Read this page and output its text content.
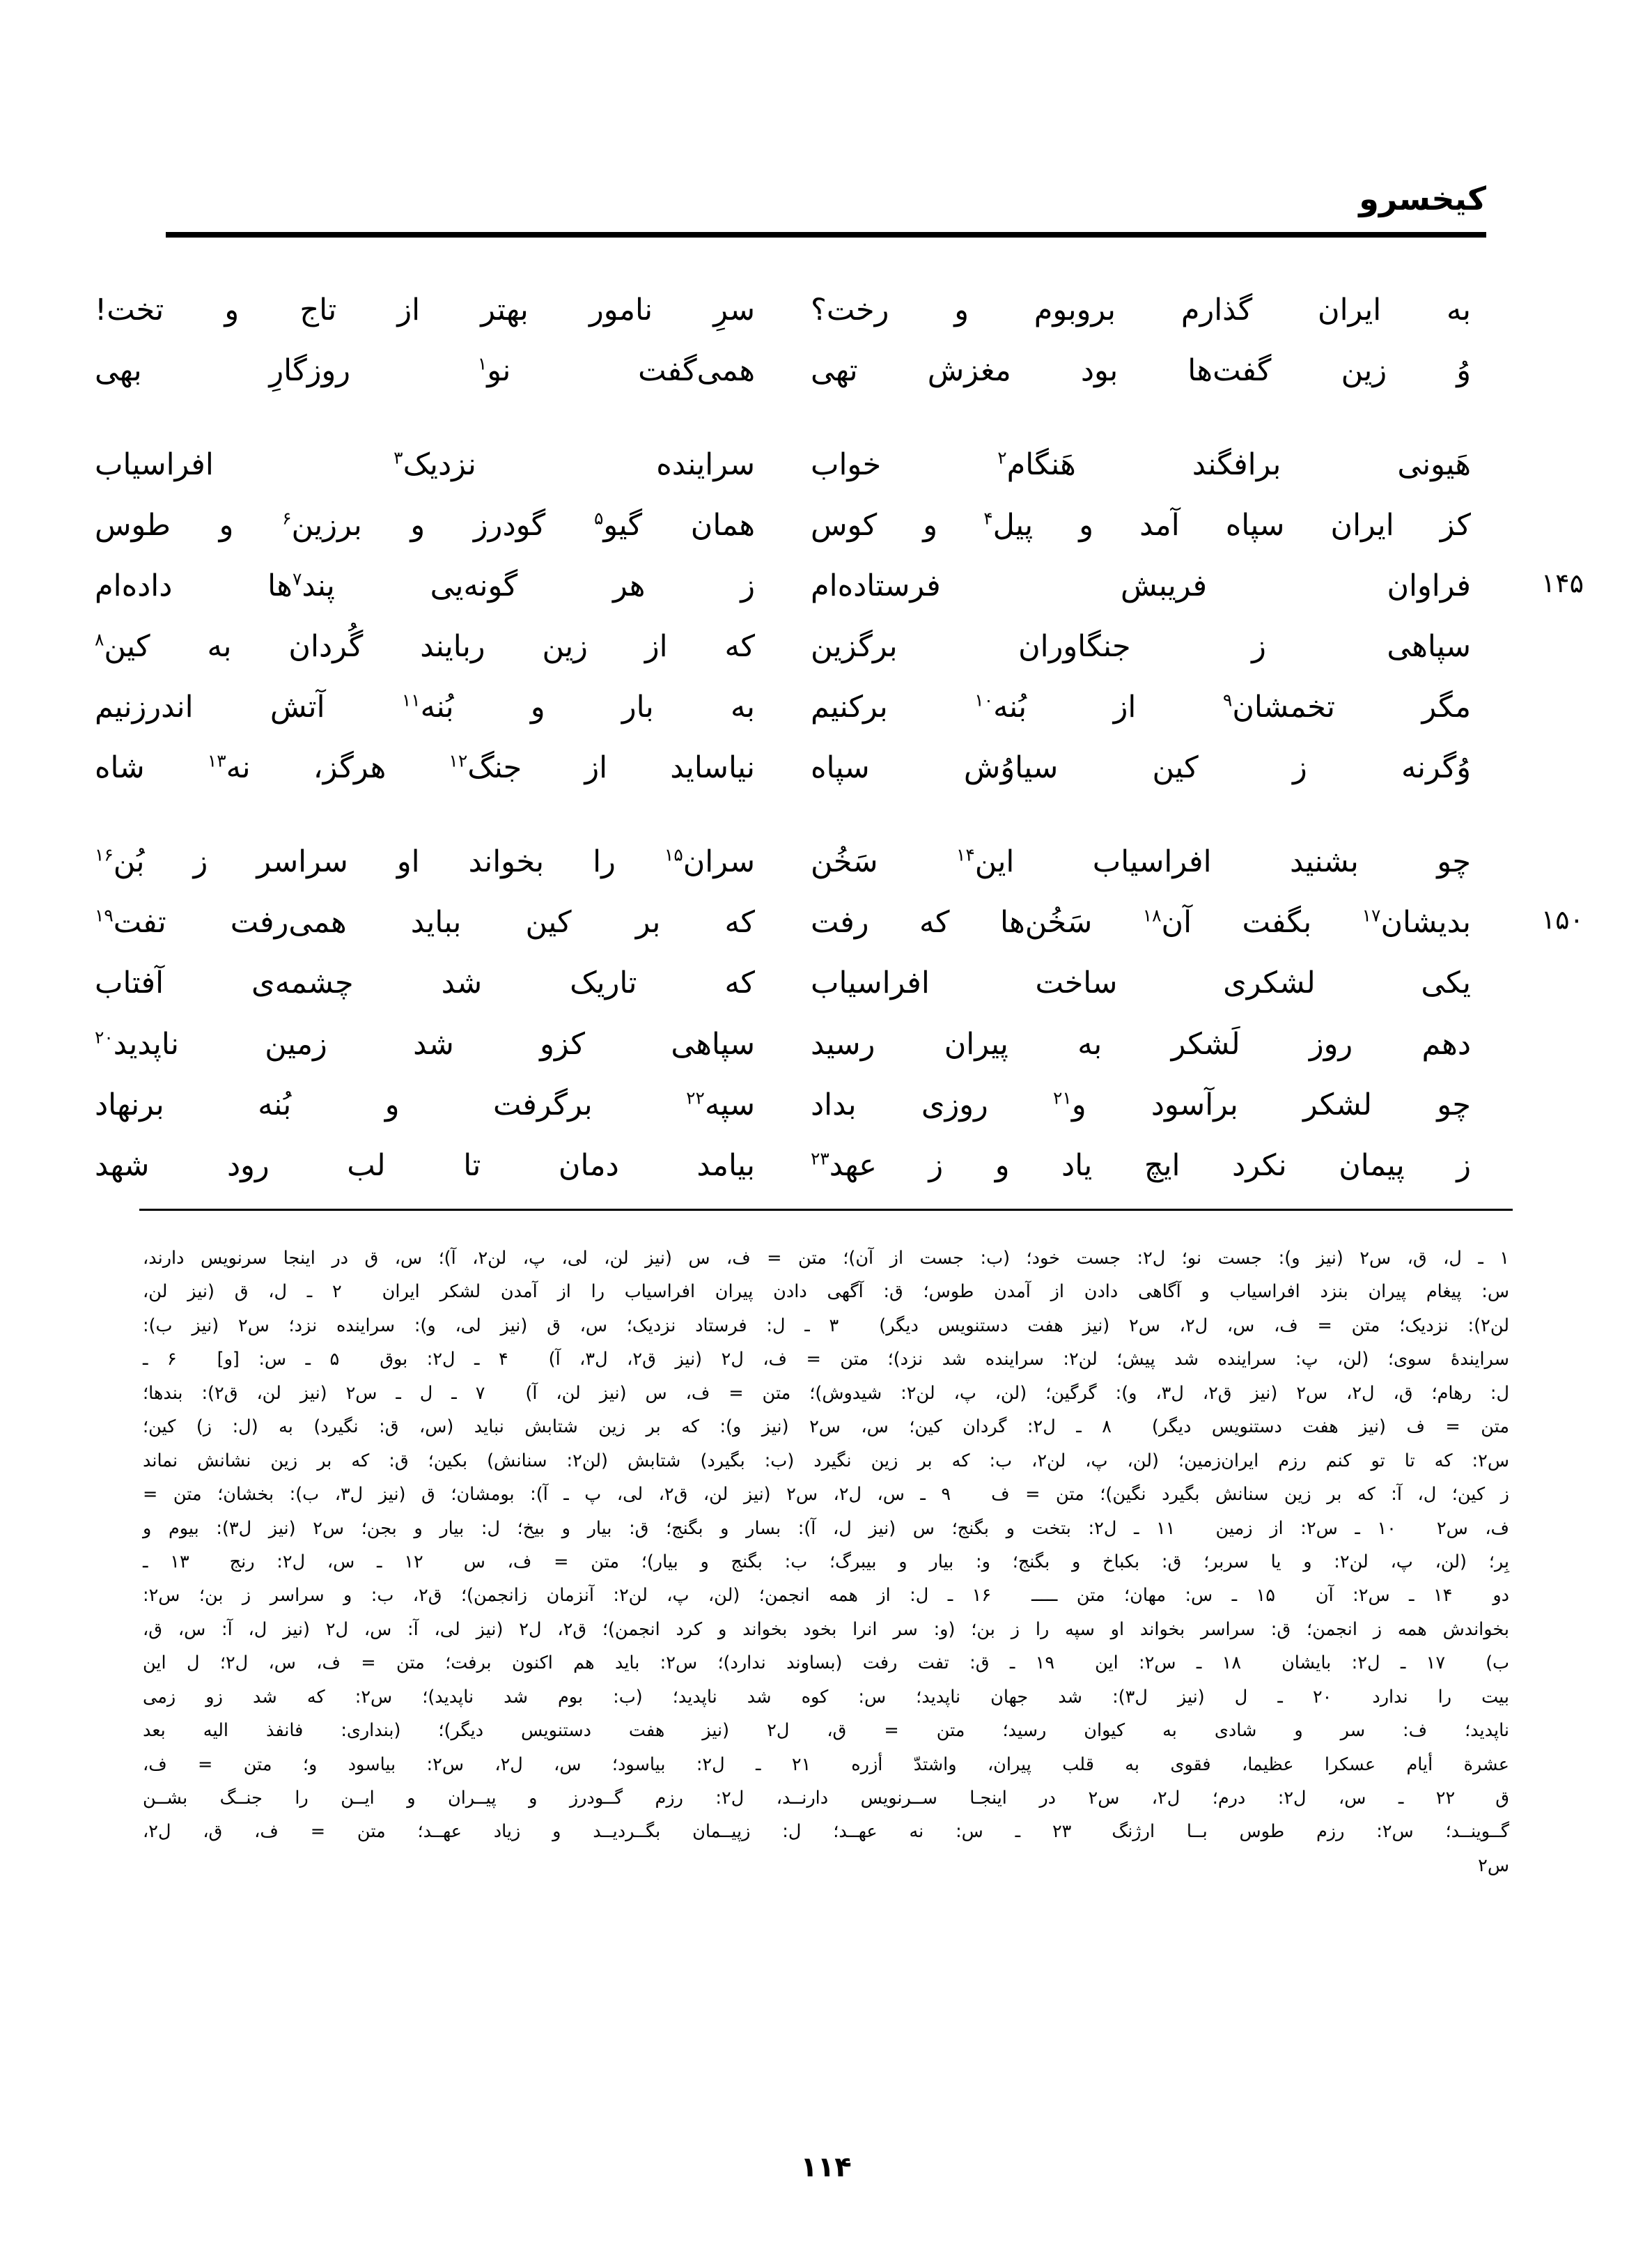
کیخسرو
به ایران گذارم بروبوم و رخت؟
سرِ نامور بهتر از تاج و تخت!
وُ زین گفت‌ها بود مغزش تهی
همی‌گفت نو$^۱$ روزگارِ بهی
هَیونی برافگند هَنگام$^۲$ خواب
سراینده نزدیک$^۳$ افراسیاب
کز ایران سپاه آمد و پیل$^۴$ و کوس
همان گیو$^۵$ گودرز و برزین$^۶$ و طوس
۱۴۵
فراوان فریبش فرستاده‌ام
ز هر گونه‌یی پند$^۷$ها داده‌ام
سپاهی ز جنگاوران برگزین
که از زین ربایند گُردان به کین$^۸$
مگر تخمشان$^۹$ از بُنه$^{۱۰}$ برکنیم
به بار و بُنه$^{۱۱}$ آتش اندرزنیم
وُگرنه ز کین سیاوُش سپاه
نیاساید از جنگ$^{۱۲}$ هرگز، نه$^{۱۳}$ شاه
چو بشنید افراسیاب این$^{۱۴}$ سَخُن
سران$^{۱۵}$ را بخواند او سراسر ز بُن$^{۱۶}$
۱۵۰
بدیشان$^{۱۷}$ بگفت آن$^{۱۸}$ سَخُن‌ها که رفت
که بر کین بباید همی‌رفت تفت$^{۱۹}$
یکی لشکری ساخت افراسیاب
که تاریک شد چشمه‌ی آفتاب
دهم روز لَشکر به پیران رسید
سپاهی کزو شد زمین ناپدید$^{۲۰}$
چو لشکر برآسود و$^{۲۱}$ روزی بداد
سپه$^{۲۲}$ برگرفت و بُنه برنهاد
ز پیمان نکرد ایچ یاد و ز عهد$^{۲۳}$
بیامد دمان تا لب رود شهد

۱ ـ ل، ق، س۲ (نیز و): جست نو؛ ل۲: جست خود؛ (ب: جست از آن)؛ متن = ف، س (نیز لن، لی، پ، لن۲، آ)؛ س، ق در اینجا سرنویس دارند،

س: پیغام پیران بنزد افراسیاب و آگاهی دادن از آمدن طوس؛ ق: آگهی دادن پیران افراسیاب را از آمدن لشکر ایران۲ ـ ل، ق (نیز لن،

لن۲): نزدیک؛ متن = ف، س، ل۲، س۲ (نیز هفت دستنویس دیگر)۳ ـ ل: فرستاد نزدیک؛ س، ق (نیز لی، و): سراینده نزد؛ س۲ (نیز ب):

سرایندهٔ سوی؛ (لن، پ: سراینده شد پیش؛ لن۲: سراینده شد نزد)؛ متن = ف، ل۲ (نیز ق۲، ل۳، آ)۴ ـ ل۲: بوق۵ ـ س: [و]۶ ـ

ل: رهام؛ ق، ل۲، س۲ (نیز ق۲، ل۳، و): گرگین؛ (لن، پ، لن۲: شیدوش)؛ متن = ف، س (نیز لن، آ)۷ ـ ل ـ س۲ (نیز لن، ق۲): بندها؛

متن = ف (نیز هفت دستنویس دیگر)۸ ـ ل۲: گردان کین؛ س، س۲ (نیز و): که بر زین شتابش نباید (س، ق: نگیرد) به (ل: ز) کین؛

س۲: که تا تو کنم رزم ایران‌زمین؛ (لن، پ، لن۲، ب: که بر زین نگیرد (ب: بگیرد) شتابش (لن۲: سنانش) بکین؛ ق: که بر زین نشانش نماند

ز کین؛ ل، آ: که بر زین سنانش بگیرد نگین)؛ متن = ف۹ ـ س، ل۲، س۲ (نیز لن، ق۲، لی، پ ـ آ): بومشان؛ ق (نیز ل۳، ب): بخشان؛ متن =

ف، س۲۱۰ ـ س۲: از زمین۱۱ ـ ل۲: بتخت و بگنج؛ س (نیز ل، آ): بسار و بگنج؛ ق: بیار و بیخ؛ ل: بیار و بجن؛ س۲ (نیز ل۳): بیوم و

بِر؛ (لن، پ، لن۲: و یا سربر؛ ق: بکباخ و بگنج؛ و: بیار و بیبرگ؛ ب: بگنج و بیار)؛ متن = ف، س۱۲ ـ س، ل۲: رنج۱۳ ـ

دو۱۴ ـ س۲: آن۱۵ ـ س: مهان؛ متن ـــــ۱۶ ـ ل: از همه انجمن؛ (لن، پ، لن۲: آنزمان زانجمن)؛ ق۲، ب: و سراسر ز بن؛ س۲:

بخواندش همه ز انجمن؛ ق: سراسر بخواند او سپه را ز بن؛ (و: سر انرا بخود بخواند و کرد انجمن)؛ ق۲، ل۲ (نیز لی، آ: س، ل۲ (نیز ل، آ: س، ق،

ب)۱۷ ـ ل۲: بایشان۱۸ ـ س۲: این۱۹ ـ ق: تفت رفت (بساوند ندارد)؛ س۲: باید هم اکنون برفت؛ متن = ف، س، ل۲؛ ل این

بیت را ندارد۲۰ ـ ل (نیز ل۳): شد جهان ناپدید؛ س: کوه شد ناپدید؛ (ب: بوم شد ناپدید)؛ س۲: که شد زو زمی

ناپدید؛ ف: سر و شادی به کیوان رسید؛ متن = ق، ل۲ (نیز هفت دستنویس دیگر)؛ (بنداری: فانفذ الیه بعد

عشرة أیام عسکرا عظیما، فقوی به قلب پیران، واشتدّ أزره۲۱ ـ ل۲: بیاسود؛ س، ل۲، س۲: بیاسود و؛ متن = ف،

ق۲۲ ـ س، ل۲: درم؛ ل۲، س۲ در اینجـا ســرنویس دارنــد، ل۲: رزم گــودرز و پیــران و ایــن را جنــگ بشــن

گــوینــد؛ س۲: رزم طوس بــا ارژنگ۲۳ ـ س: نه عهــد؛ ل: زپیــمان بگــردیــد و زیاد عهــد؛ متن = ف، ق، ل۲،

س۲

۱۱۴
